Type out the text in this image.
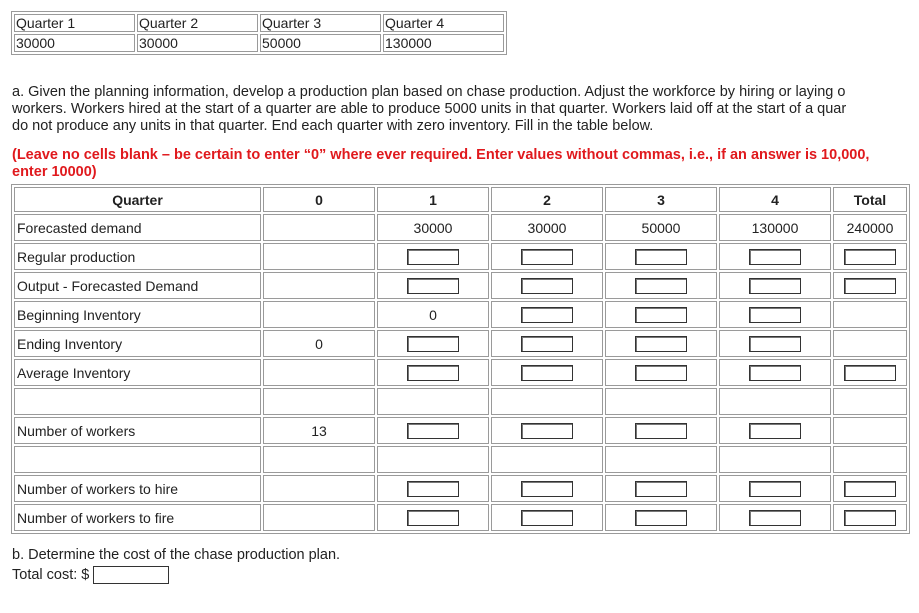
Quarter 1	Quarter 2	Quarter 3	Quarter 4
30000	30000	50000	130000
a. Given the planning information, develop a production plan based on chase production. Adjust the workforce by hiring or laying o
workers. Workers hired at the start of a quarter are able to produce 5000 units in that quarter. Workers laid off at the start of a quar
do not produce any units in that quarter. End each quarter with zero inventory. Fill in the table below.
(Leave no cells blank – be certain to enter “0” where ever required. Enter values without commas, i.e., if an answer is 10,000,
enter 10000)
Quarter	0	1	2	3	4	Total
Forecasted demand		30000	30000	50000	130000	240000
Regular production		

Output - Forecasted Demand		

Beginning Inventory		0	

Ending Inventory	0	

Average Inventory		

Number of workers	13	

Number of workers to hire		

Number of workers to fire		

b. Determine the cost of the chase production plan.
Total cost: $
